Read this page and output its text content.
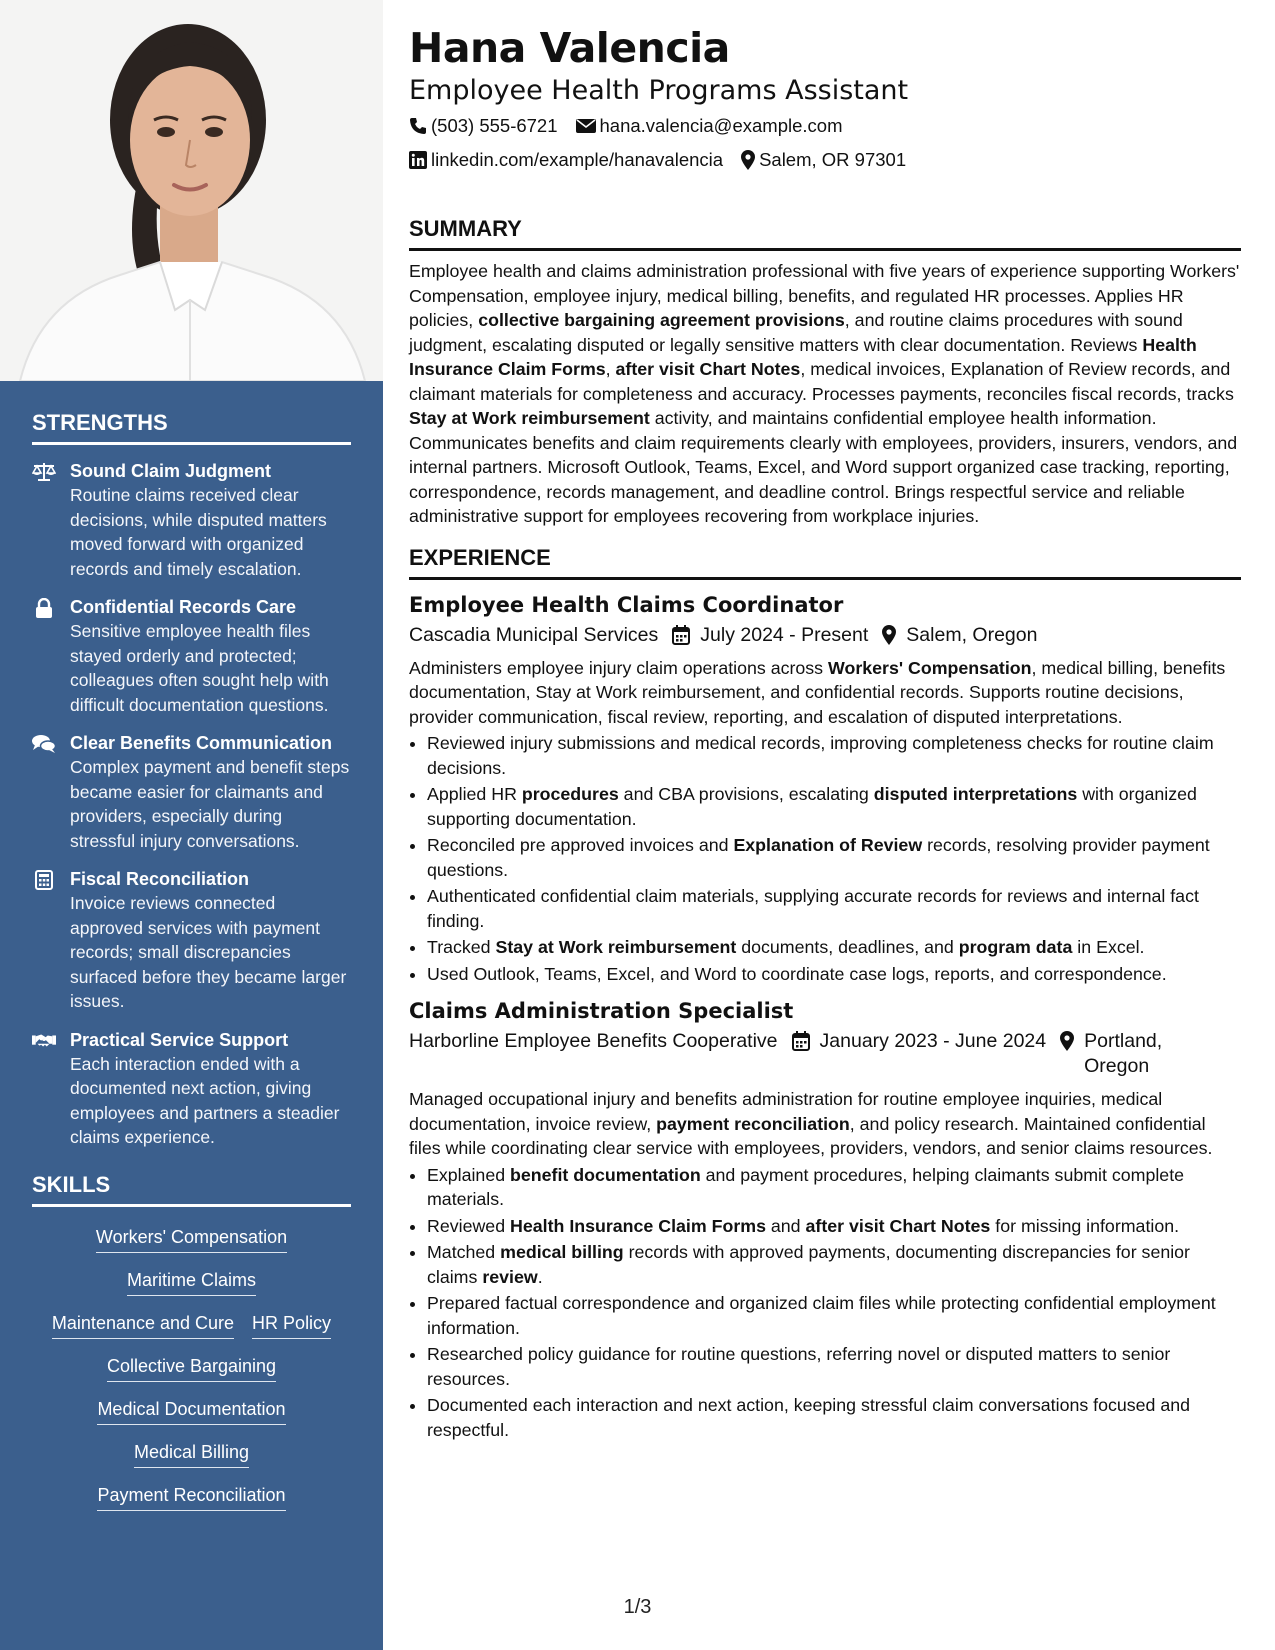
STRENGTHS
Sound Claim Judgment
Routine claims received clear decisions, while disputed matters moved forward with organized records and timely escalation.
Confidential Records Care
Sensitive employee health files stayed orderly and protected; colleagues often sought help with difficult documentation questions.
Clear Benefits Communication
Complex payment and benefit steps became easier for claimants and providers, especially during stressful injury conversations.
Fiscal Reconciliation
Invoice reviews connected approved services with payment records; small discrepancies surfaced before they became larger issues.
Practical Service Support
Each interaction ended with a documented next action, giving employees and partners a steadier claims experience.
SKILLS
Workers' Compensation
Maritime Claims
Maintenance and Cure HR Policy
Collective Bargaining
Medical Documentation
Medical Billing
Payment Reconciliation
Hana Valencia
Employee Health Programs Assistant
(503) 555-6721 hana.valencia@example.com
linkedin.com/example/hanavalencia Salem, OR 97301
SUMMARY

Employee health and claims administration professional with five years of experience supporting Workers' Compensation, employee injury, medical billing, benefits, and regulated HR processes. Applies HR policies, collective bargaining agreement provisions, and routine claims procedures with sound judgment, escalating disputed or legally sensitive matters with clear documentation. Reviews Health Insurance Claim Forms, after visit Chart Notes, medical invoices, Explanation of Review records, and claimant materials for completeness and accuracy. Processes payments, reconciles fiscal records, tracks Stay at Work reimbursement activity, and maintains confidential employee health information. Communicates benefits and claim requirements clearly with employees, providers, insurers, vendors, and internal partners. Microsoft Outlook, Teams, Excel, and Word support organized case tracking, reporting, correspondence, records management, and deadline control. Brings respectful service and reliable administrative support for employees recovering from workplace injuries.

EXPERIENCE
Employee Health Claims Coordinator
Cascadia Municipal Services July 2024 - Present Salem, Oregon

Administers employee injury claim operations across Workers' Compensation, medical billing, benefits documentation, Stay at Work reimbursement, and confidential records. Supports routine decisions, provider communication, fiscal review, reporting, and escalation of disputed interpretations.

• Reviewed injury submissions and medical records, improving completeness checks for routine claim decisions.
• Applied HR procedures and CBA provisions, escalating disputed interpretations with organized supporting documentation.
• Reconciled pre approved invoices and Explanation of Review records, resolving provider payment questions.
• Authenticated confidential claim materials, supplying accurate records for reviews and internal fact finding.
• Tracked Stay at Work reimbursement documents, deadlines, and program data in Excel.
• Used Outlook, Teams, Excel, and Word to coordinate case logs, reports, and correspondence.
Claims Administration Specialist
Harborline Employee Benefits Cooperative January 2023 - June 2024 Portland, Oregon

Managed occupational injury and benefits administration for routine employee inquiries, medical documentation, invoice review, payment reconciliation, and policy research. Maintained confidential files while coordinating clear service with employees, providers, vendors, and senior claims resources.

• Explained benefit documentation and payment procedures, helping claimants submit complete materials.
• Reviewed Health Insurance Claim Forms and after visit Chart Notes for missing information.
• Matched medical billing records with approved payments, documenting discrepancies for senior claims review.
• Prepared factual correspondence and organized claim files while protecting confidential employment information.
• Researched policy guidance for routine questions, referring novel or disputed matters to senior resources.
• Documented each interaction and next action, keeping stressful claim conversations focused and respectful.
1/3
